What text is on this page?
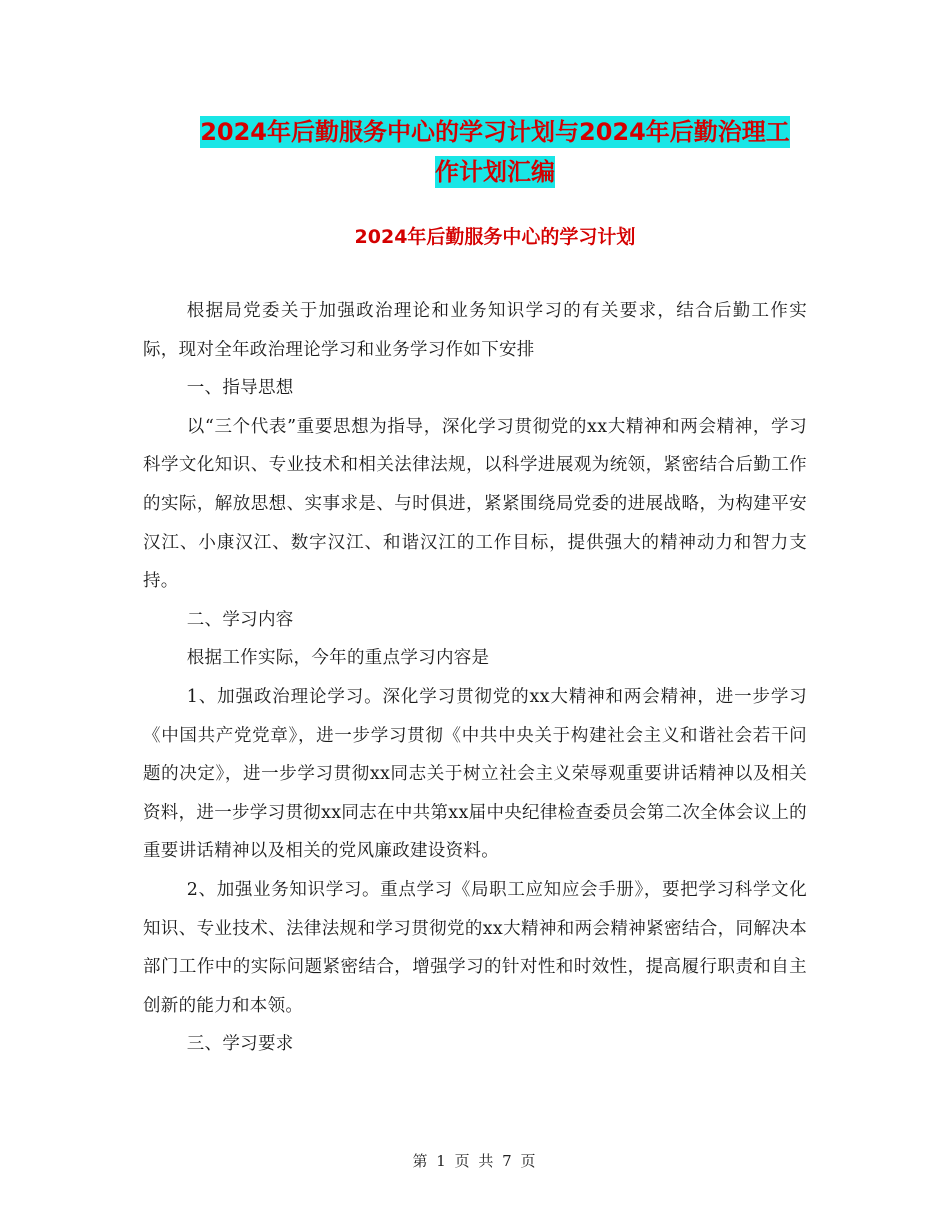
2024年后勤服务中心的学习计划与2024年后勤治理工
作计划汇编
2024年后勤服务中心的学习计划

根据局党委关于加强政治理论和业务知识学习的有关要求，结合后勤工作实际，现对全年政治理论学习和业务学习作如下安排

一、指导思想

以“三个代表”重要思想为指导，深化学习贯彻党的xx大精神和两会精神，学习科学文化知识、专业技术和相关法律法规，以科学进展观为统领，紧密结合后勤工作的实际，解放思想、实事求是、与时俱进，紧紧围绕局党委的进展战略，为构建平安汉江、小康汉江、数字汉江、和谐汉江的工作目标，提供强大的精神动力和智力支持。

二、学习内容

根据工作实际，今年的重点学习内容是

1、加强政治理论学习。深化学习贯彻党的xx大精神和两会精神，进一步学习《中国共产党党章》，进一步学习贯彻《中共中央关于构建社会主义和谐社会若干问题的决定》，进一步学习贯彻xx同志关于树立社会主义荣辱观重要讲话精神以及相关资料，进一步学习贯彻xx同志在中共第xx届中央纪律检查委员会第二次全体会议上的重要讲话精神以及相关的党风廉政建设资料。

2、加强业务知识学习。重点学习《局职工应知应会手册》，要把学习科学文化知识、专业技术、法律法规和学习贯彻党的xx大精神和两会精神紧密结合，同解决本部门工作中的实际问题紧密结合，增强学习的针对性和时效性，提高履行职责和自主创新的能力和本领。

三、学习要求

第 1 页 共 7 页
